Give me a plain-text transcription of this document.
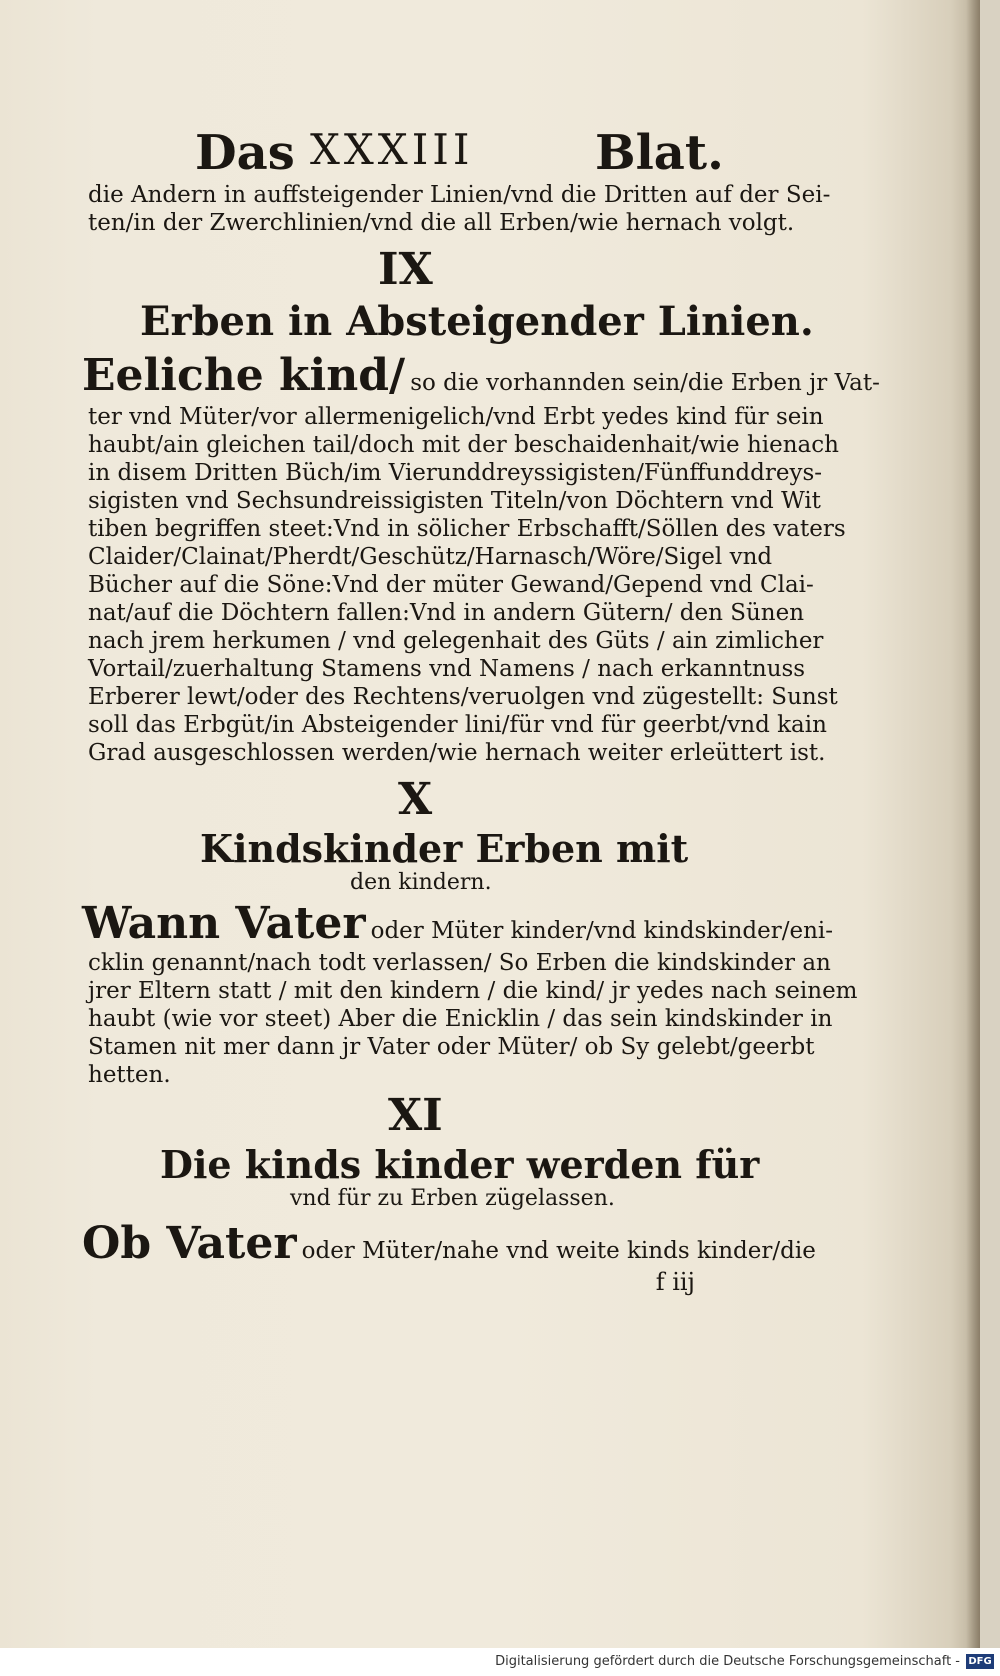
Das XXXIII	Blat.
die Andern in auffsteigender Linien/vnd die Dritten auf der Sei-
ten/in der Zwerchlinien/vnd die all Erben/wie hernach volgt.
IX
Erben in Absteigender Linien.
Eeliche kind/ so die vorhannden sein/die Erben jr Vat-
ter vnd Müter/vor allermenigelich/vnd Erbt yedes kind für sein
haubt/ain gleichen tail/doch mit der beschaidenhait/wie hienach
in disem Dritten Büch/im Vierunddreyssigisten/Fünffunddreys-
sigisten vnd Sechsundreissigisten Titeln/von Döchtern vnd Wit
tiben begriffen steet:Vnd in sölicher Erbschafft/Söllen des vaters
Claider/Clainat/Pherdt/Geschütz/Harnasch/Wöre/Sigel vnd
Bücher auf die Söne:Vnd der müter Gewand/Gepend vnd Clai-
nat/auf die Döchtern fallen:Vnd in andern Gütern/ den Sünen
nach jrem herkumen / vnd gelegenhait des Güts / ain zimlicher
Vortail/zuerhaltung Stamens vnd Namens / nach erkanntnuss
Erberer lewt/oder des Rechtens/veruolgen vnd zügestellt: Sunst
soll das Erbgüt/in Absteigender lini/für vnd für geerbt/vnd kain
Grad ausgeschlossen werden/wie hernach weiter erleüttert ist.
X
Kindskinder Erben mit
den kindern.
Wann Vater oder Müter kinder/vnd kindskinder/eni-
cklin genannt/nach todt verlassen/ So Erben die kindskinder an
jrer Eltern statt / mit den kindern / die kind/ jr yedes nach seinem
haubt (wie vor steet) Aber die Enicklin / das sein kindskinder in
Stamen nit mer dann jr Vater oder Müter/ ob Sy gelebt/geerbt
hetten.
XI
Die kinds kinder werden für
vnd für zu Erben zügelassen.
Ob Vater oder Müter/nahe vnd weite kinds kinder/die
f iij
Digitalisierung gefördert durch die Deutsche Forschungsgemeinschaft - DFG
